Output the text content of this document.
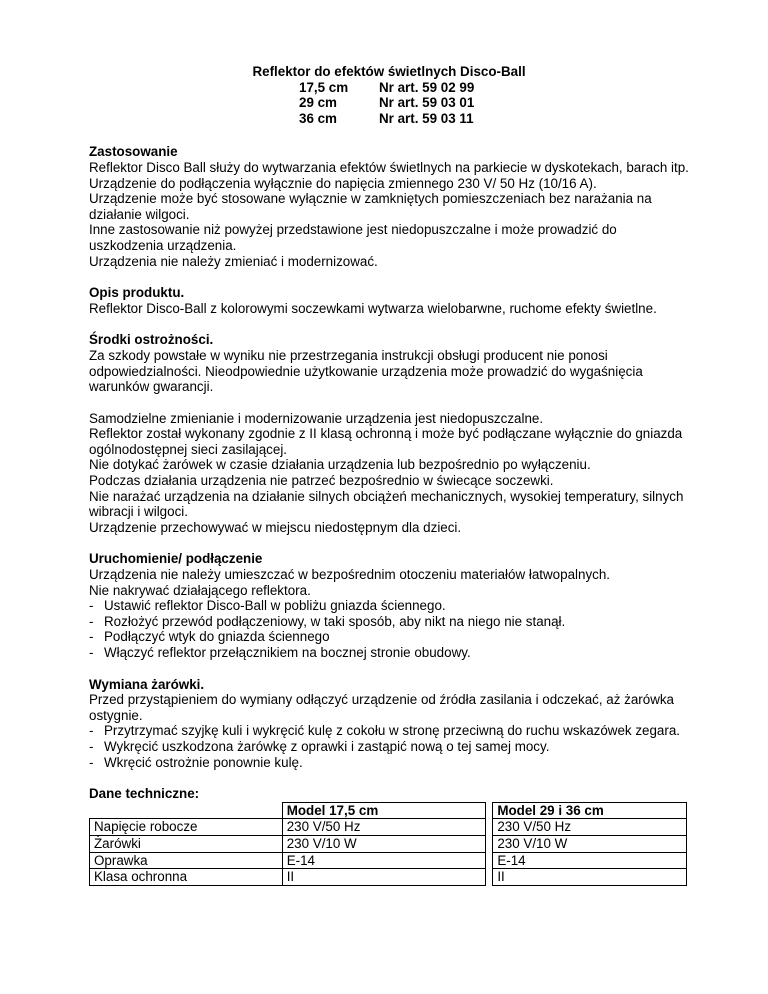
Reflektor do efektów świetlnych Disco-Ball
17,5 cm	Nr art. 59 02 99
29 cm	Nr art. 59 03 01
36 cm	Nr art. 59 03 11

Zastosowanie

Reflektor Disco Ball służy do wytwarzania efektów świetlnych na parkiecie w dyskotekach, barach itp.

Urządzenie do podłączenia wyłącznie do napięcia zmiennego 230 V/ 50 Hz (10/16 A).

Urządzenie może być stosowane wyłącznie w zamkniętych pomieszczeniach bez narażania na działanie wilgoci.

Inne zastosowanie niż powyżej przedstawione jest niedopuszczalne i może prowadzić do uszkodzenia urządzenia.

Urządzenia nie należy zmieniać i modernizować.

Opis produktu.

Reflektor Disco-Ball z kolorowymi soczewkami wytwarza wielobarwne, ruchome efekty świetlne.

Środki ostrożności.

Za szkody powstałe w wyniku nie przestrzegania instrukcji obsługi producent nie ponosi odpowiedzialności. Nieodpowiednie użytkowanie urządzenia może prowadzić do wygaśnięcia warunków gwarancji.

Samodzielne zmienianie i modernizowanie urządzenia jest niedopuszczalne.

Reflektor został wykonany zgodnie z II klasą ochronną i może być podłączane wyłącznie do gniazda ogólnodostępnej sieci zasilającej.

Nie dotykać żarówek w czasie działania urządzenia lub bezpośrednio po wyłączeniu.

Podczas działania urządzenia nie patrzeć bezpośrednio w świecące soczewki.

Nie narażać urządzenia na działanie silnych obciążeń mechanicznych, wysokiej temperatury, silnych wibracji i wilgoci.

Urządzenie przechowywać w miejscu niedostępnym dla dzieci.

Uruchomienie/ podłączenie

Urządzenia nie należy umieszczać w bezpośrednim otoczeniu materiałów łatwopalnych.

Nie nakrywać działającego reflektora.

- Ustawić reflektor Disco-Ball w pobliżu gniazda ściennego.
- Rozłożyć przewód podłączeniowy, w taki sposób, aby nikt na niego nie stanął.
- Podłączyć wtyk do gniazda ściennego
- Włączyć reflektor przełącznikiem na bocznej stronie obudowy.

Wymiana żarówki.

Przed przystąpieniem do wymiany odłączyć urządzenie od źródła zasilania i odczekać, aż żarówka ostygnie.

- Przytrzymać szyjkę kuli i wykręcić kulę z cokołu w stronę przeciwną do ruchu wskazówek zegara.
- Wykręcić uszkodzona żarówkę z oprawki i zastąpić nową o tej samej mocy.
- Wkręcić ostrożnie ponownie kulę.

Dane techniczne:

	Model 17,5 cm		Model 29 i 36 cm
Napięcie robocze	230 V/50 Hz		230 V/50 Hz
Żarówki	230 V/10 W		230 V/10 W
Oprawka	E-14		E-14
Klasa ochronna	II		II
